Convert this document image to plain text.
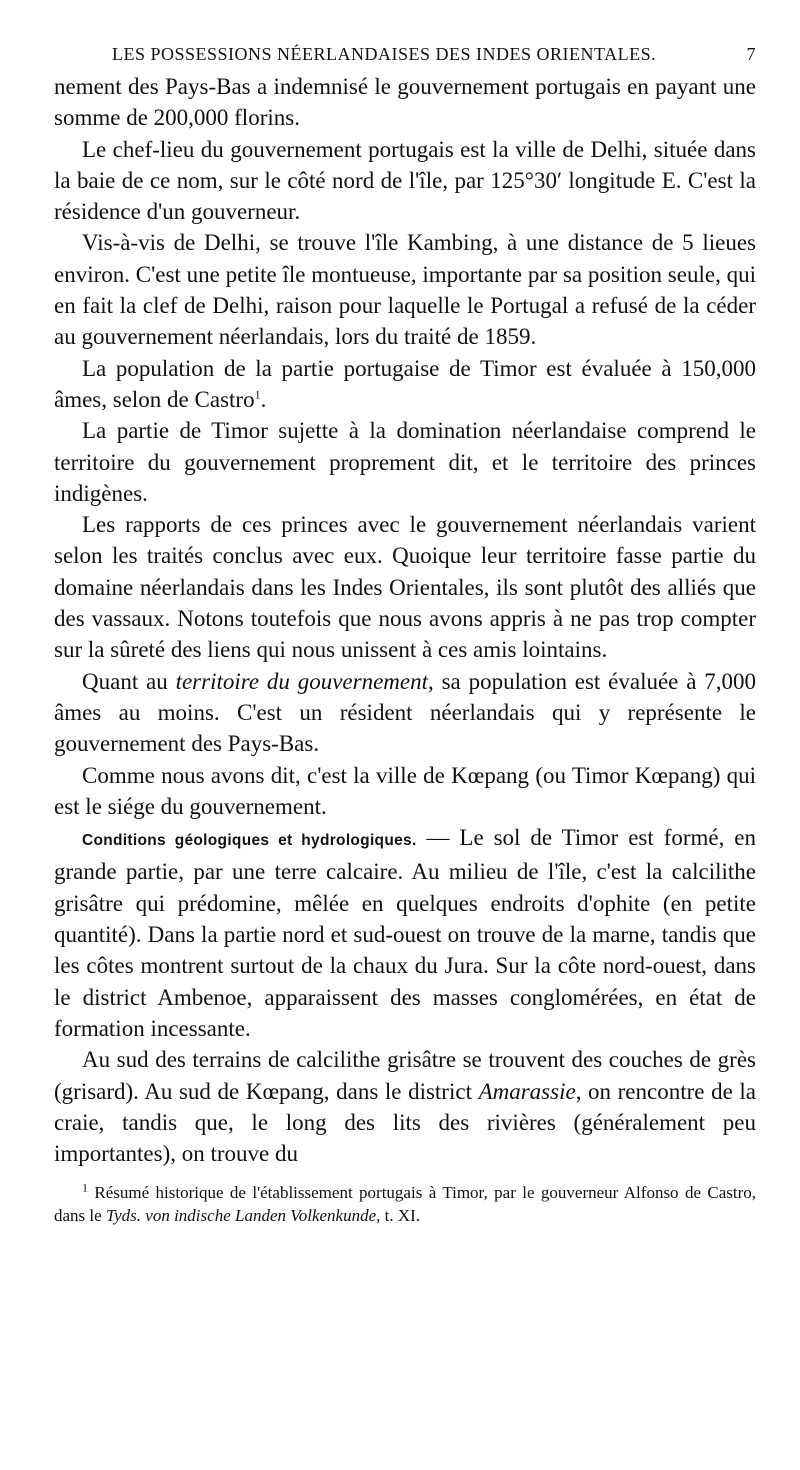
LES POSSESSIONS NÉERLANDAISES DES INDES ORIENTALES.	7

nement des Pays-Bas a indemnisé le gouvernement portugais en payant une somme de 200,000 florins.

Le chef-lieu du gouvernement portugais est la ville de Delhi, située dans la baie de ce nom, sur le côté nord de l'île, par 125°30′ longitude E. C'est la résidence d'un gouverneur.

Vis-à-vis de Delhi, se trouve l'île Kambing, à une distance de 5 lieues environ. C'est une petite île montueuse, importante par sa position seule, qui en fait la clef de Delhi, raison pour laquelle le Portugal a refusé de la céder au gouvernement néerlandais, lors du traité de 1859.

La population de la partie portugaise de Timor est évaluée à 150,000 âmes, selon de Castro$^1$.

La partie de Timor sujette à la domination néerlandaise comprend le territoire du gouvernement proprement dit, et le territoire des princes indigènes.

Les rapports de ces princes avec le gouvernement néerlandais varient selon les traités conclus avec eux. Quoique leur territoire fasse partie du domaine néerlandais dans les Indes Orientales, ils sont plutôt des alliés que des vassaux. Notons toutefois que nous avons appris à ne pas trop compter sur la sûreté des liens qui nous unissent à ces amis lointains.

Quant au territoire du gouvernement, sa population est évaluée à 7,000 âmes au moins. C'est un résident néerlandais qui y représente le gouvernement des Pays-Bas.

Comme nous avons dit, c'est la ville de Kœpang (ou Timor Kœpang) qui est le siége du gouvernement.

Conditions géologiques et hydrologiques. — Le sol de Timor est formé, en grande partie, par une terre calcaire. Au milieu de l'île, c'est la calcilithe grisâtre qui prédomine, mêlée en quelques endroits d'ophite (en petite quantité). Dans la partie nord et sud-ouest on trouve de la marne, tandis que les côtes montrent surtout de la chaux du Jura. Sur la côte nord-ouest, dans le district Ambenoe, apparaissent des masses conglomérées, en état de formation incessante.

Au sud des terrains de calcilithe grisâtre se trouvent des couches de grès (grisard). Au sud de Kœpang, dans le district Amarassie, on rencontre de la craie, tandis que, le long des lits des rivières (généralement peu importantes), on trouve du

$^1$ Résumé historique de l'établissement portugais à Timor, par le gouverneur Alfonso de Castro, dans le Tyds. von indische Landen Volkenkunde, t. XI.
